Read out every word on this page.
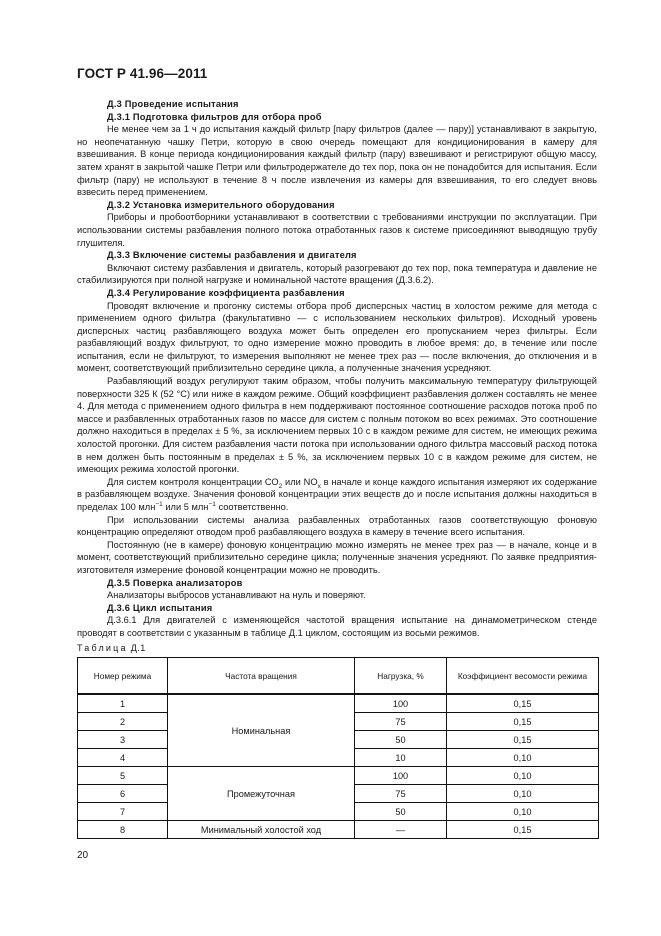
ГОСТ Р 41.96—2011

Д.3 Проведение испытания

Д.3.1 Подготовка фильтров для отбора проб

Не менее чем за 1 ч до испытания каждый фильтр [пару фильтров (далее — пару)] устанавливают в закрытую, но неопечатанную чашку Петри, которую в свою очередь помещают для кондиционирования в камеру для взвешивания. В конце периода кондиционирования каждый фильтр (пару) взвешивают и регистрируют общую массу, затем хранят в закрытой чашке Петри или фильтродержателе до тех пор, пока он не понадобится для испытания. Если фильтр (пару) не используют в течение 8 ч после извлечения из камеры для взвешивания, то его следует вновь взвесить перед применением.

Д.3.2 Установка измерительного оборудования

Приборы и пробоотборники устанавливают в соответствии с требованиями инструкции по эксплуатации. При использовании системы разбавления полного потока отработанных газов к системе присоединяют выводящую трубу глушителя.

Д.3.3 Включение системы разбавления и двигателя

Включают систему разбавления и двигатель, который разогревают до тех пор, пока температура и давление не стабилизируются при полной нагрузке и номинальной частоте вращения (Д.3.6.2).

Д.3.4 Регулирование коэффициента разбавления

Проводят включение и прогонку системы отбора проб дисперсных частиц в холостом режиме для метода с применением одного фильтра (факультативно — с использованием нескольких фильтров). Исходный уровень дисперсных частиц разбавляющего воздуха может быть определен его пропусканием через фильтры. Если разбавляющий воздух фильтруют, то одно измерение можно проводить в любое время: до, в течение или после испытания, если не фильтруют, то измерения выполняют не менее трех раз — после включения, до отключения и в момент, соответствующий приблизительно середине цикла, а полученные значения усредняют.

Разбавляющий воздух регулируют таким образом, чтобы получить максимальную температуру фильтрующей поверхности 325 К (52 °С) или ниже в каждом режиме. Общий коэффициент разбавления должен составлять не менее 4. Для метода с применением одного фильтра в нем поддерживают постоянное соотношение расходов потока проб по массе и разбавленных отработанных газов по массе для систем с полным потоком во всех режимах. Это соотношение должно находиться в пределах ± 5 %, за исключением первых 10 с в каждом режиме для систем, не имеющих режима холостой прогонки. Для систем разбавления части потока при использовании одного фильтра массовый расход потока в нем должен быть постоянным в пределах ± 5 %, за исключением первых 10 с в каждом режиме для систем, не имеющих режима холостой прогонки.

Для систем контроля концентрации $СО_2$ или $NO_x$ в начале и конце каждого испытания измеряют их содержание в разбавляющем воздухе. Значения фоновой концентрации этих веществ до и после испытания должны находиться в пределах 100 млн$^{-1}$ или 5 млн$^{-1}$ соответственно.

При использовании системы анализа разбавленных отработанных газов соответствующую фоновую концентрацию определяют отводом проб разбавляющего воздуха в камеру в течение всего испытания.

Постоянную (не в камере) фоновую концентрацию можно измерять не менее трех раз — в начале, конце и в момент, соответствующий приблизительно середине цикла; полученные значения усредняют. По заявке предприятия-изготовителя измерение фоновой концентрации можно не проводить.

Д.3.5 Поверка анализаторов

Анализаторы выбросов устанавливают на нуль и поверяют.

Д.3.6 Цикл испытания

Д.3.6.1 Для двигателей с изменяющейся частотой вращения испытание на динамометрическом стенде проводят в соответствии с указанным в таблице Д.1 циклом, состоящим из восьми режимов.

Таблица Д.1
Номер режима	Частота вращения	Нагрузка, %	Коэффициент весомости режима
1	Номинальная	100	0,15
2		75	0,15
3		50	0,15
4		10	0,10
5	Промежуточная	100	0,10
6		75	0,10
7		50	0,10
8	Минимальный холостой ход	—	0,15
20
